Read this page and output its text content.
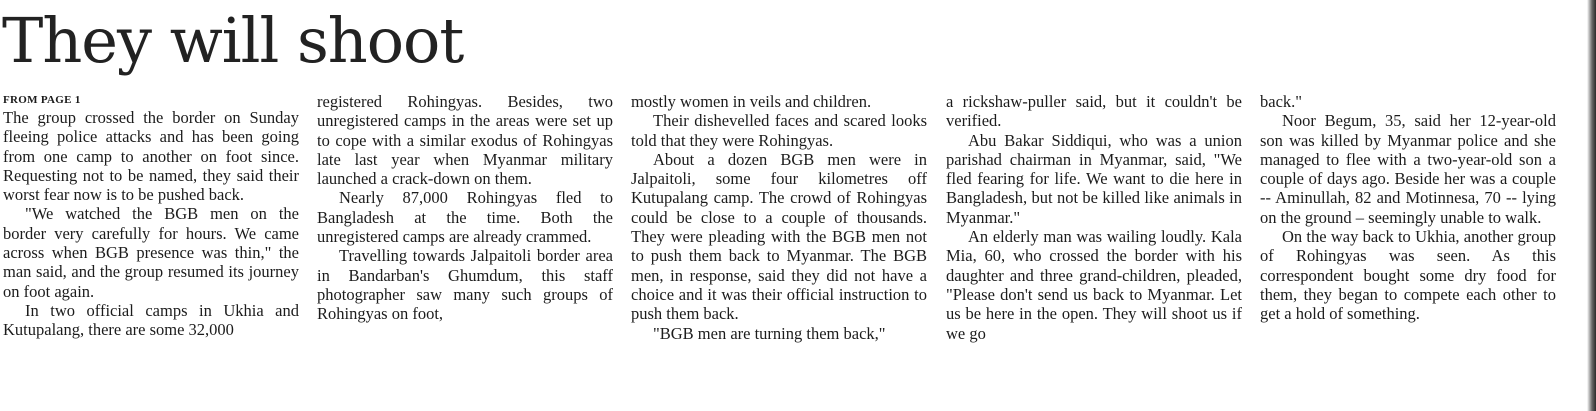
They will shoot
FROM PAGE 1

The group crossed the border on Sunday fleeing police attacks and has been going from one camp to another on foot since. Requesting not to be named, they said their worst fear now is to be pushed back.

"We watched the BGB men on the border very carefully for hours. We came across when BGB presence was thin," the man said, and the group resumed its journey on foot again.

In two official camps in Ukhia and Kutupalang, there are some 32,000

registered Rohingyas. Besides, two unregistered camps in the areas were set up to cope with a similar exodus of Rohingyas late last year when Myanmar military launched a crack-down on them.

Nearly 87,000 Rohingyas fled to Bangladesh at the time. Both the unregistered camps are already crammed.

Travelling towards Jalpaitoli border area in Bandarban's Ghumdum, this staff photographer saw many such groups of Rohingyas on foot,

mostly women in veils and children.

Their dishevelled faces and scared looks told that they were Rohingyas.

About a dozen BGB men were in Jalpaitoli, some four kilometres off Kutupalang camp. The crowd of Rohingyas could be close to a couple of thousands. They were pleading with the BGB men not to push them back to Myanmar. The BGB men, in response, said they did not have a choice and it was their official instruction to push them back.

"BGB men are turning them back,"

a rickshaw-puller said, but it couldn't be verified.

Abu Bakar Siddiqui, who was a union parishad chairman in Myanmar, said, "We fled fearing for life. We want to die here in Bangladesh, but not be killed like animals in Myanmar."

An elderly man was wailing loudly. Kala Mia, 60, who crossed the border with his daughter and three grand-children, pleaded, "Please don't send us back to Myanmar. Let us be here in the open. They will shoot us if we go

back."

Noor Begum, 35, said her 12-year-old son was killed by Myanmar police and she managed to flee with a two-year-old son a couple of days ago. Beside her was a couple -- Aminullah, 82 and Motinnesa, 70 -- lying on the ground – seemingly unable to walk.

On the way back to Ukhia, another group of Rohingyas was seen. As this correspondent bought some dry food for them, they began to compete each other to get a hold of something.
